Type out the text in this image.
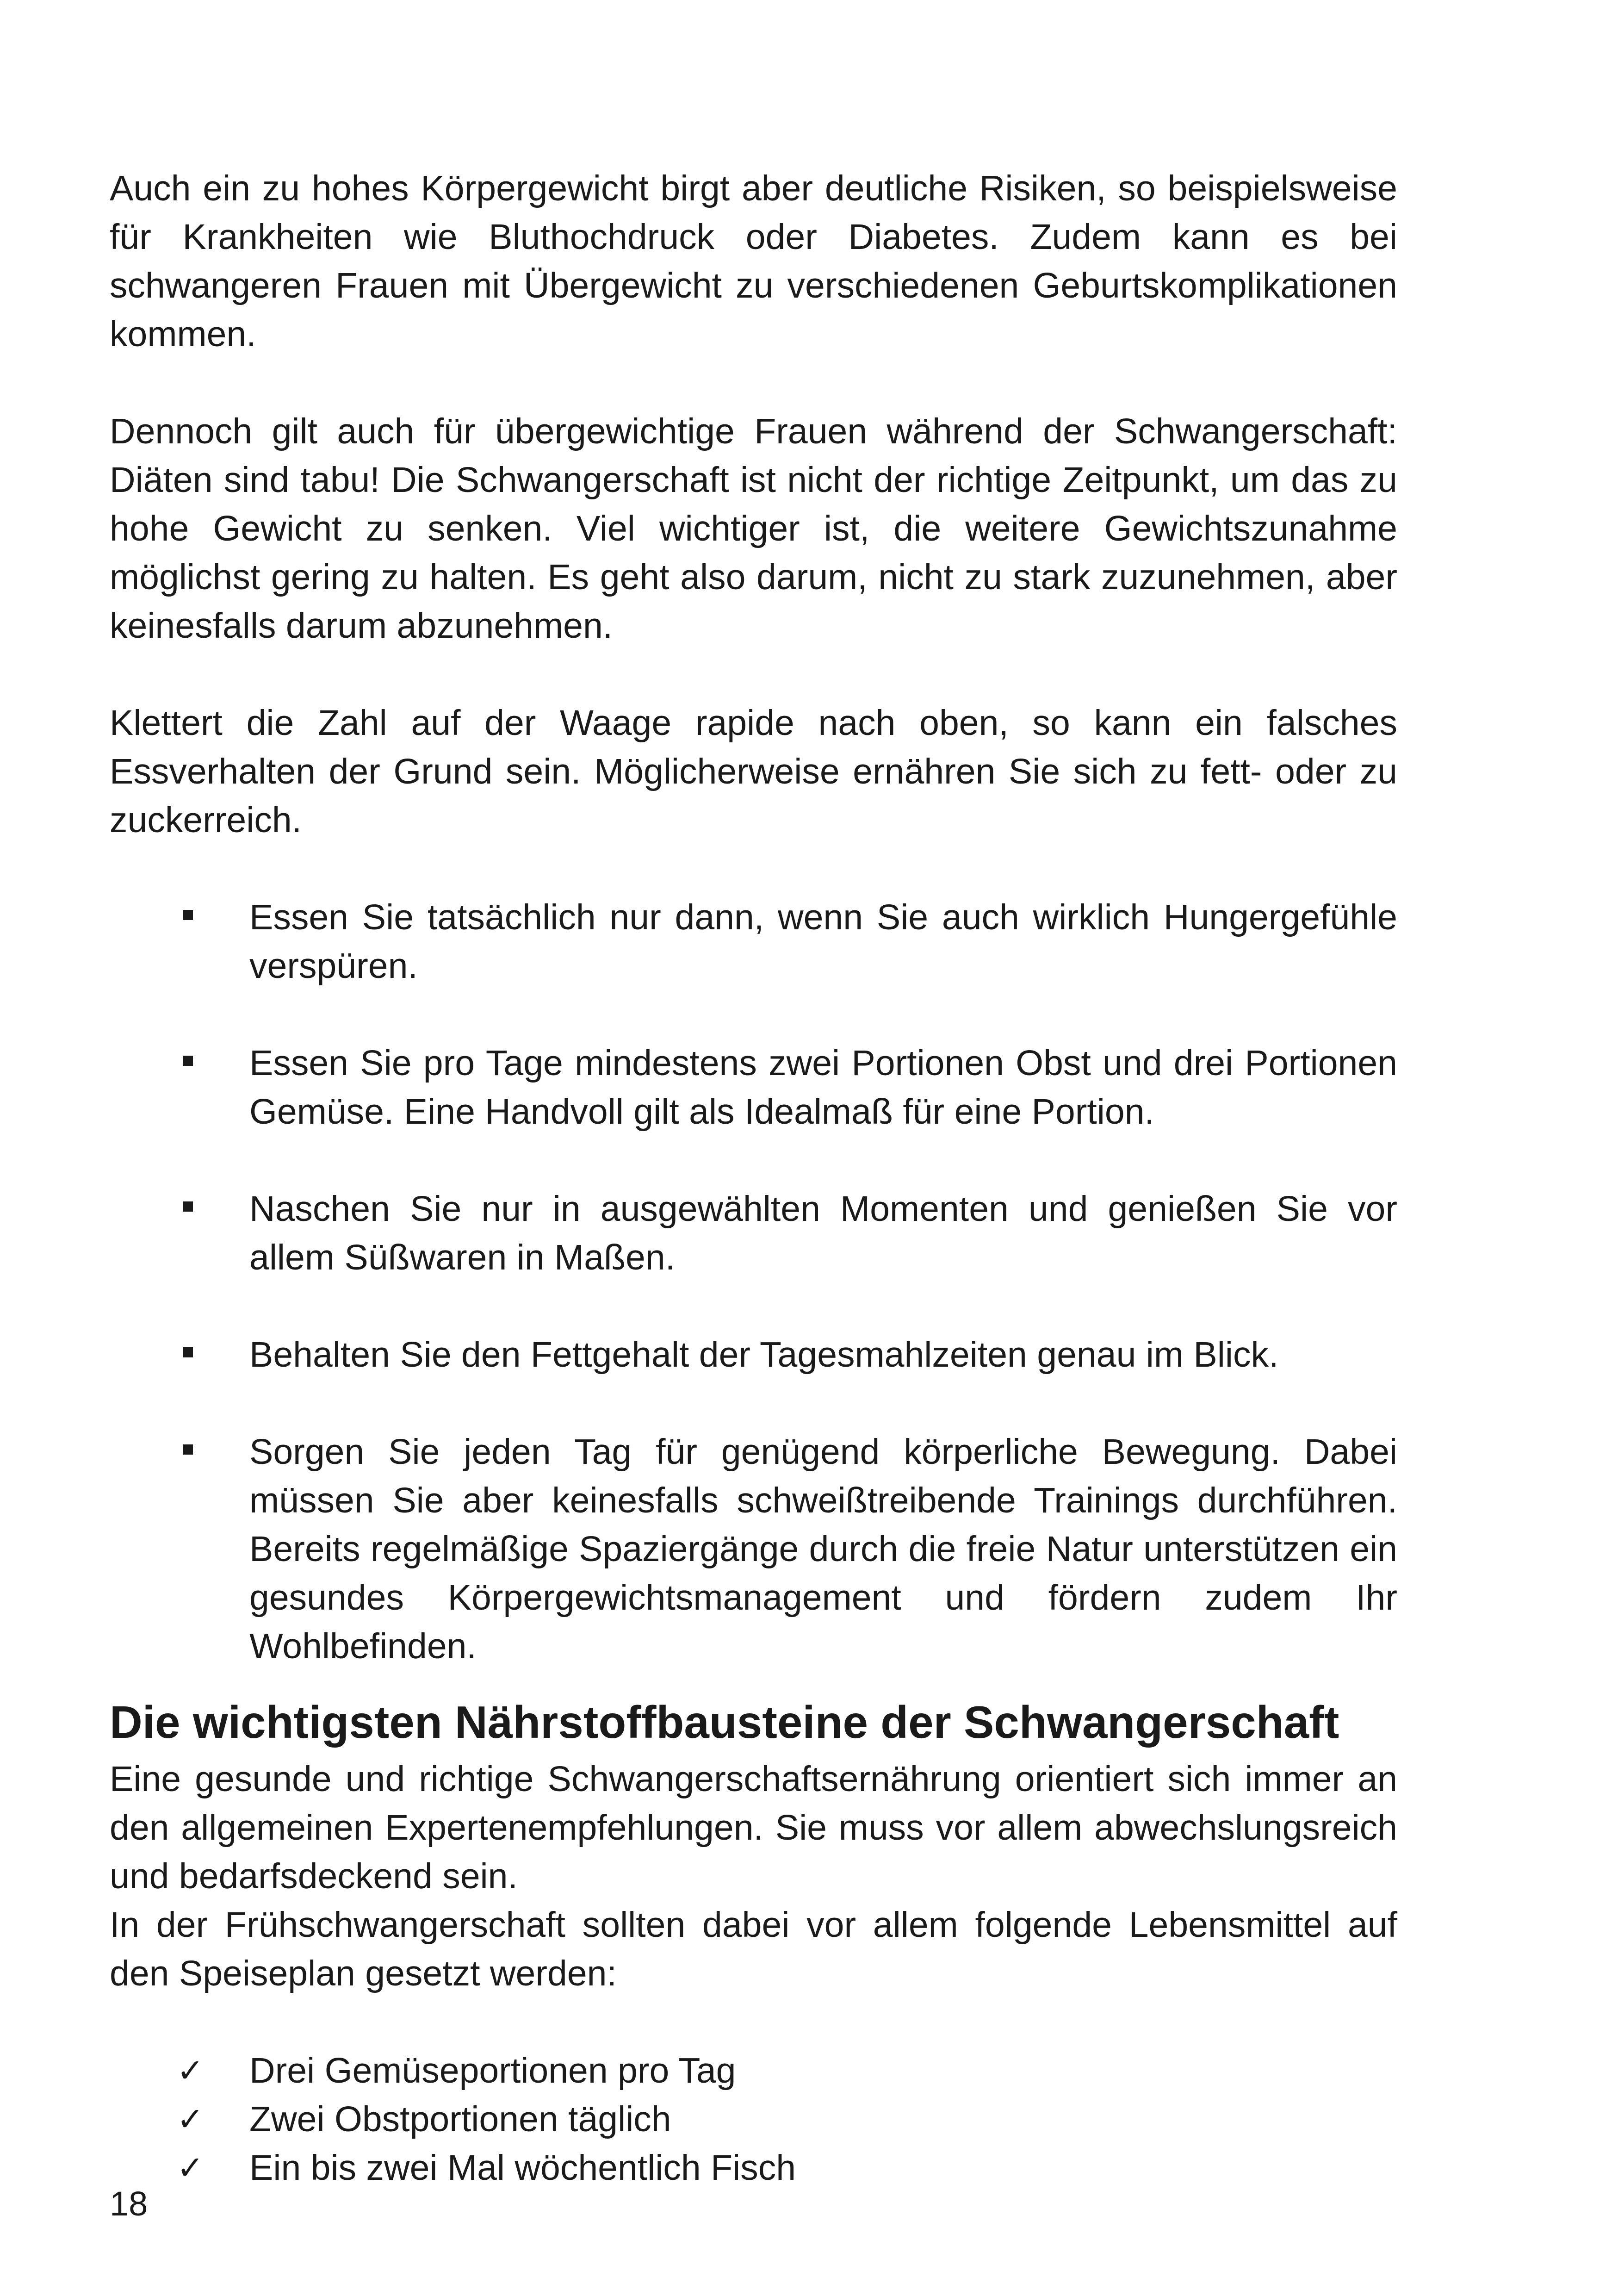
Auch ein zu hohes Körpergewicht birgt aber deutliche Risiken, so beispielsweise für Krankheiten wie Bluthochdruck oder Diabetes. Zudem kann es bei schwangeren Frauen mit Übergewicht zu verschiedenen Geburtskomplikationen kommen.

Dennoch gilt auch für übergewichtige Frauen während der Schwangerschaft: Diäten sind tabu! Die Schwangerschaft ist nicht der richtige Zeitpunkt, um das zu hohe Gewicht zu senken. Viel wichtiger ist, die weitere Gewichtszunahme möglichst gering zu halten. Es geht also darum, nicht zu stark zuzunehmen, aber keinesfalls darum abzunehmen.

Klettert die Zahl auf der Waage rapide nach oben, so kann ein falsches Essverhalten der Grund sein. Möglicherweise ernähren Sie sich zu fett- oder zu zuckerreich.

Essen Sie tatsächlich nur dann, wenn Sie auch wirklich Hungergefühle verspüren.
Essen Sie pro Tage mindestens zwei Portionen Obst und drei Portionen Gemüse. Eine Handvoll gilt als Idealmaß für eine Portion.
Naschen Sie nur in ausgewählten Momenten und genießen Sie vor allem Süßwaren in Maßen.
Behalten Sie den Fettgehalt der Tagesmahlzeiten genau im Blick.
Sorgen Sie jeden Tag für genügend körperliche Bewegung. Dabei müssen Sie aber keinesfalls schweißtreibende Trainings durchführen. Bereits regelmäßige Spaziergänge durch die freie Natur unterstützen ein gesundes Körpergewichtsmanagement und fördern zudem Ihr Wohlbefinden.
Die wichtigsten Nährstoffbausteine der Schwangerschaft

Eine gesunde und richtige Schwangerschaftsernährung orientiert sich immer an den allgemeinen Expertenempfehlungen. Sie muss vor allem abwechslungsreich und bedarfsdeckend sein.

In der Frühschwangerschaft sollten dabei vor allem folgende Lebensmittel auf den Speiseplan gesetzt werden:

✓ Drei Gemüseportionen pro Tag
✓ Zwei Obstportionen täglich
✓ Ein bis zwei Mal wöchentlich Fisch
18
